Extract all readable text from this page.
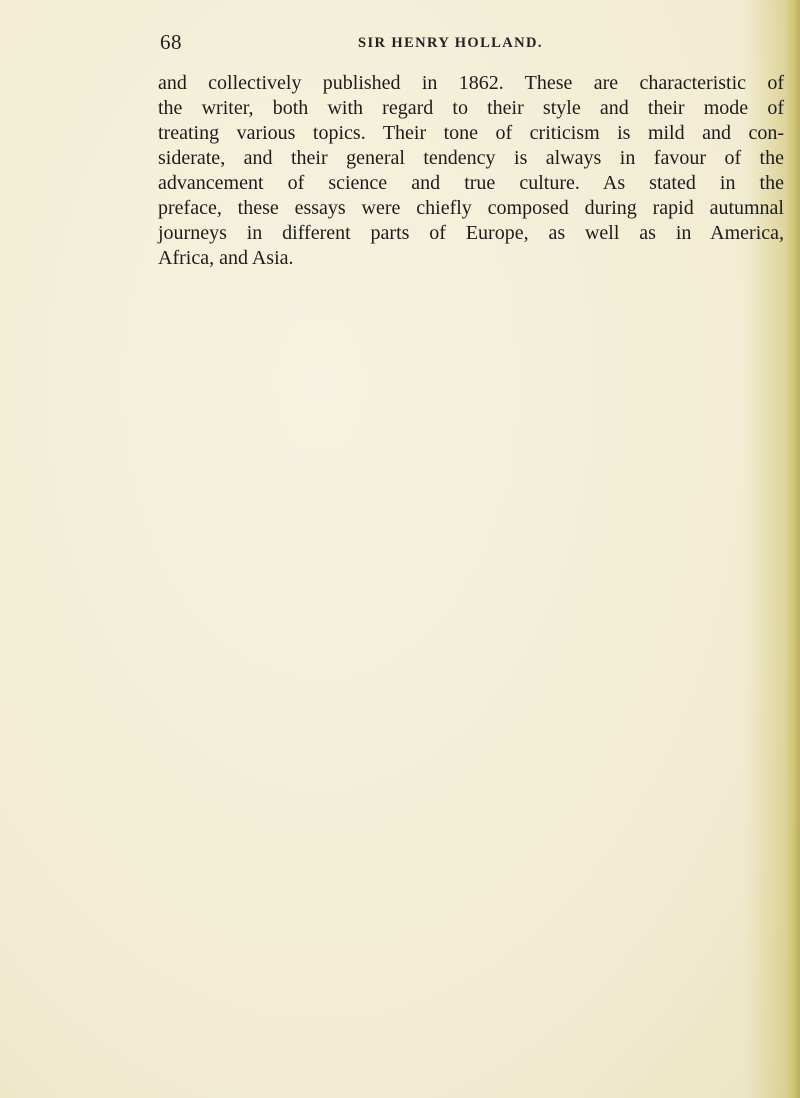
68	SIR HENRY HOLLAND.
and collectively published in 1862. These are characteristic of
the writer, both with regard to their style and their mode of
treating various topics. Their tone of criticism is mild and con-
siderate, and their general tendency is always in favour of the
advancement of science and true culture. As stated in the
preface, these essays were chiefly composed during rapid autumnal
journeys in different parts of Europe, as well as in America,
Africa, and Asia.
